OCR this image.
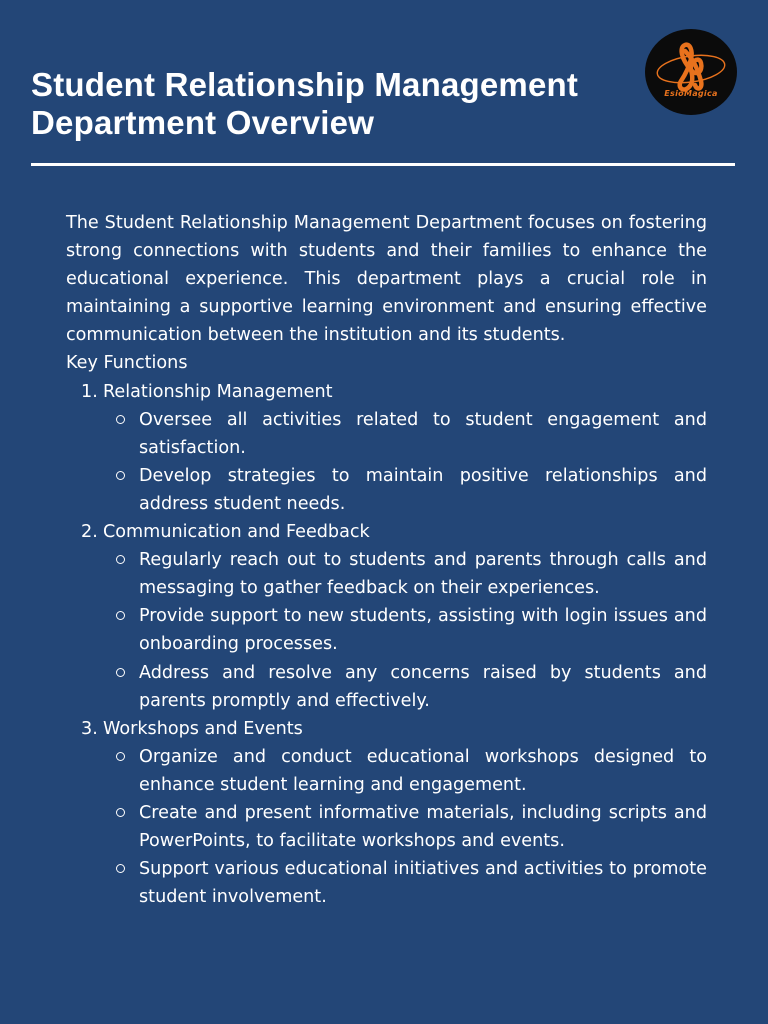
Student Relationship Management
Department Overview
EsioMagica

The Student Relationship Management Department focuses on fostering strong connections with students and their families to enhance the educational experience. This department plays a crucial role in maintaining a supportive learning environment and ensuring effective communication between the institution and its students.

Key Functions
1. Relationship Management
Oversee all activities related to student engagement and satisfaction.
Develop strategies to maintain positive relationships and address student needs.
2. Communication and Feedback
Regularly reach out to students and parents through calls and messaging to gather feedback on their experiences.
Provide support to new students, assisting with login issues and onboarding processes.
Address and resolve any concerns raised by students and parents promptly and effectively.
3. Workshops and Events
Organize and conduct educational workshops designed to enhance student learning and engagement.
Create and present informative materials, including scripts and PowerPoints, to facilitate workshops and events.
Support various educational initiatives and activities to promote student involvement.
